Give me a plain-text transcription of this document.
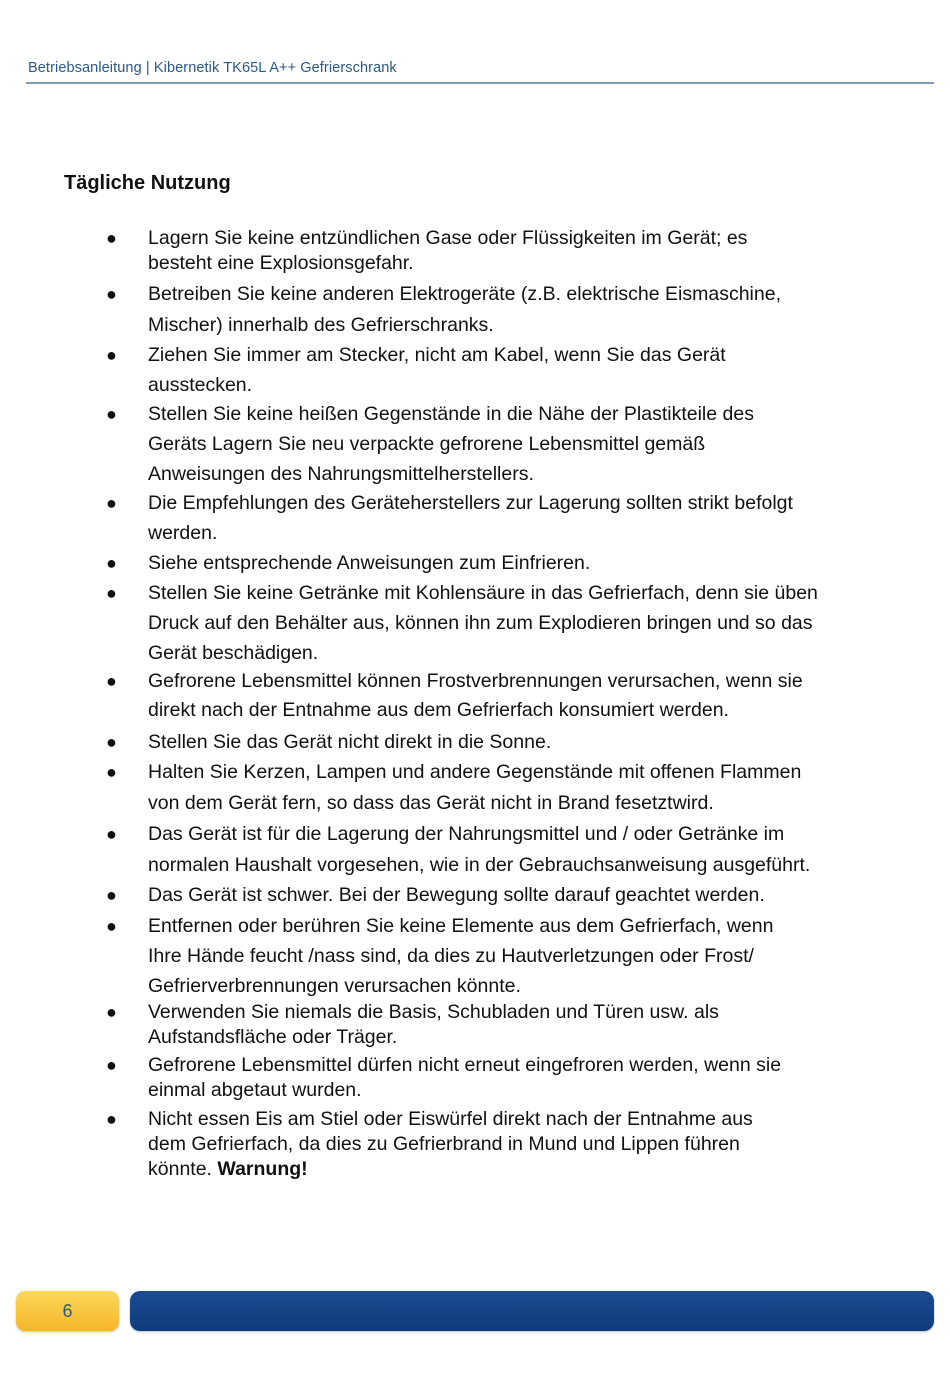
Betriebsanleitung | Kibernetik TK65L A++ Gefrierschrank
Tägliche Nutzung
● Lagern Sie keine entzündlichen Gase oder Flüssigkeiten im Gerät; es
besteht eine Explosionsgefahr.
● Betreiben Sie keine anderen Elektrogeräte (z.B. elektrische Eismaschine,
Mischer) innerhalb des Gefrierschranks.
● Ziehen Sie immer am Stecker, nicht am Kabel, wenn Sie das Gerät
ausstecken.
● Stellen Sie keine heißen Gegenstände in die Nähe der Plastikteile des
Geräts Lagern Sie neu verpackte gefrorene Lebensmittel gemäß
Anweisungen des Nahrungsmittelherstellers.
● Die Empfehlungen des Geräteherstellers zur Lagerung sollten strikt befolgt
werden.
● Siehe entsprechende Anweisungen zum Einfrieren.
● Stellen Sie keine Getränke mit Kohlensäure in das Gefrierfach, denn sie üben
Druck auf den Behälter aus, können ihn zum Explodieren bringen und so das
Gerät beschädigen.
● Gefrorene Lebensmittel können Frostverbrennungen verursachen, wenn sie
direkt nach der Entnahme aus dem Gefrierfach konsumiert werden.
● Stellen Sie das Gerät nicht direkt in die Sonne.
● Halten Sie Kerzen, Lampen und andere Gegenstände mit offenen Flammen
von dem Gerät fern, so dass das Gerät nicht in Brand fesetztwird.
● Das Gerät ist für die Lagerung der Nahrungsmittel und / oder Getränke im
normalen Haushalt vorgesehen, wie in der Gebrauchsanweisung ausgeführt.
● Das Gerät ist schwer. Bei der Bewegung sollte darauf geachtet werden.
● Entfernen oder berühren Sie keine Elemente aus dem Gefrierfach, wenn
Ihre Hände feucht /nass sind, da dies zu Hautverletzungen oder Frost/
Gefrierverbrennungen verursachen könnte.
● Verwenden Sie niemals die Basis, Schubladen und Türen usw. als
Aufstandsfläche oder Träger.
● Gefrorene Lebensmittel dürfen nicht erneut eingefroren werden, wenn sie
einmal abgetaut wurden.
● Nicht essen Eis am Stiel oder Eiswürfel direkt nach der Entnahme aus
dem Gefrierfach, da dies zu Gefrierbrand in Mund und Lippen führen
könnte. Warnung!
6
